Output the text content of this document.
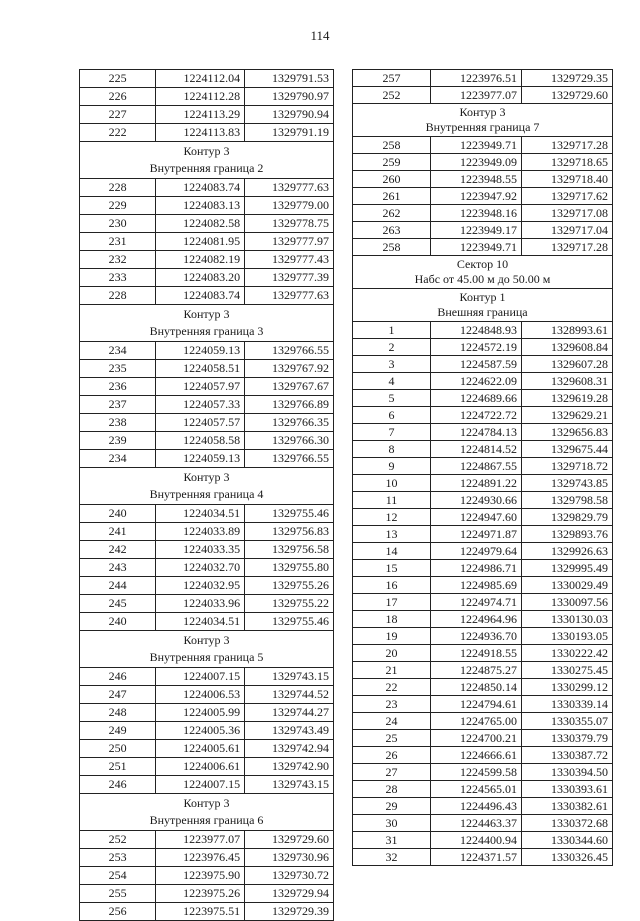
114
225	1224112.04	1329791.53
226	1224112.28	1329790.97
227	1224113.29	1329790.94
222	1224113.83	1329791.19

Контур 3
Внутренняя граница 2		

228	1224083.74	1329777.63
229	1224083.13	1329779.00
230	1224082.58	1329778.75
231	1224081.95	1329777.97
232	1224082.19	1329777.43
233	1224083.20	1329777.39
228	1224083.74	1329777.63

Контур 3
Внутренняя граница 3		

234	1224059.13	1329766.55
235	1224058.51	1329767.92
236	1224057.97	1329767.67
237	1224057.33	1329766.89
238	1224057.57	1329766.35
239	1224058.58	1329766.30
234	1224059.13	1329766.55

Контур 3
Внутренняя граница 4		

240	1224034.51	1329755.46
241	1224033.89	1329756.83
242	1224033.35	1329756.58
243	1224032.70	1329755.80
244	1224032.95	1329755.26
245	1224033.96	1329755.22
240	1224034.51	1329755.46

Контур 3
Внутренняя граница 5		

246	1224007.15	1329743.15
247	1224006.53	1329744.52
248	1224005.99	1329744.27
249	1224005.36	1329743.49
250	1224005.61	1329742.94
251	1224006.61	1329742.90
246	1224007.15	1329743.15

Контур 3
Внутренняя граница 6		

252	1223977.07	1329729.60
253	1223976.45	1329730.96
254	1223975.90	1329730.72
255	1223975.26	1329729.94
256	1223975.51	1329729.39
257	1223976.51	1329729.35
252	1223977.07	1329729.60

Контур 3
Внутренняя граница 7		

258	1223949.71	1329717.28
259	1223949.09	1329718.65
260	1223948.55	1329718.40
261	1223947.92	1329717.62
262	1223948.16	1329717.08
263	1223949.17	1329717.04
258	1223949.71	1329717.28

Сектор 10
Набс от 45.00 м до 50.00 м		

Контур 1
Внешняя граница		

1	1224848.93	1328993.61
2	1224572.19	1329608.84
3	1224587.59	1329607.28
4	1224622.09	1329608.31
5	1224689.66	1329619.28
6	1224722.72	1329629.21
7	1224784.13	1329656.83
8	1224814.52	1329675.44
9	1224867.55	1329718.72
10	1224891.22	1329743.85
11	1224930.66	1329798.58
12	1224947.60	1329829.79
13	1224971.87	1329893.76
14	1224979.64	1329926.63
15	1224986.71	1329995.49
16	1224985.69	1330029.49
17	1224974.71	1330097.56
18	1224964.96	1330130.03
19	1224936.70	1330193.05
20	1224918.55	1330222.42
21	1224875.27	1330275.45
22	1224850.14	1330299.12
23	1224794.61	1330339.14
24	1224765.00	1330355.07
25	1224700.21	1330379.79
26	1224666.61	1330387.72
27	1224599.58	1330394.50
28	1224565.01	1330393.61
29	1224496.43	1330382.61
30	1224463.37	1330372.68
31	1224400.94	1330344.60
32	1224371.57	1330326.45
